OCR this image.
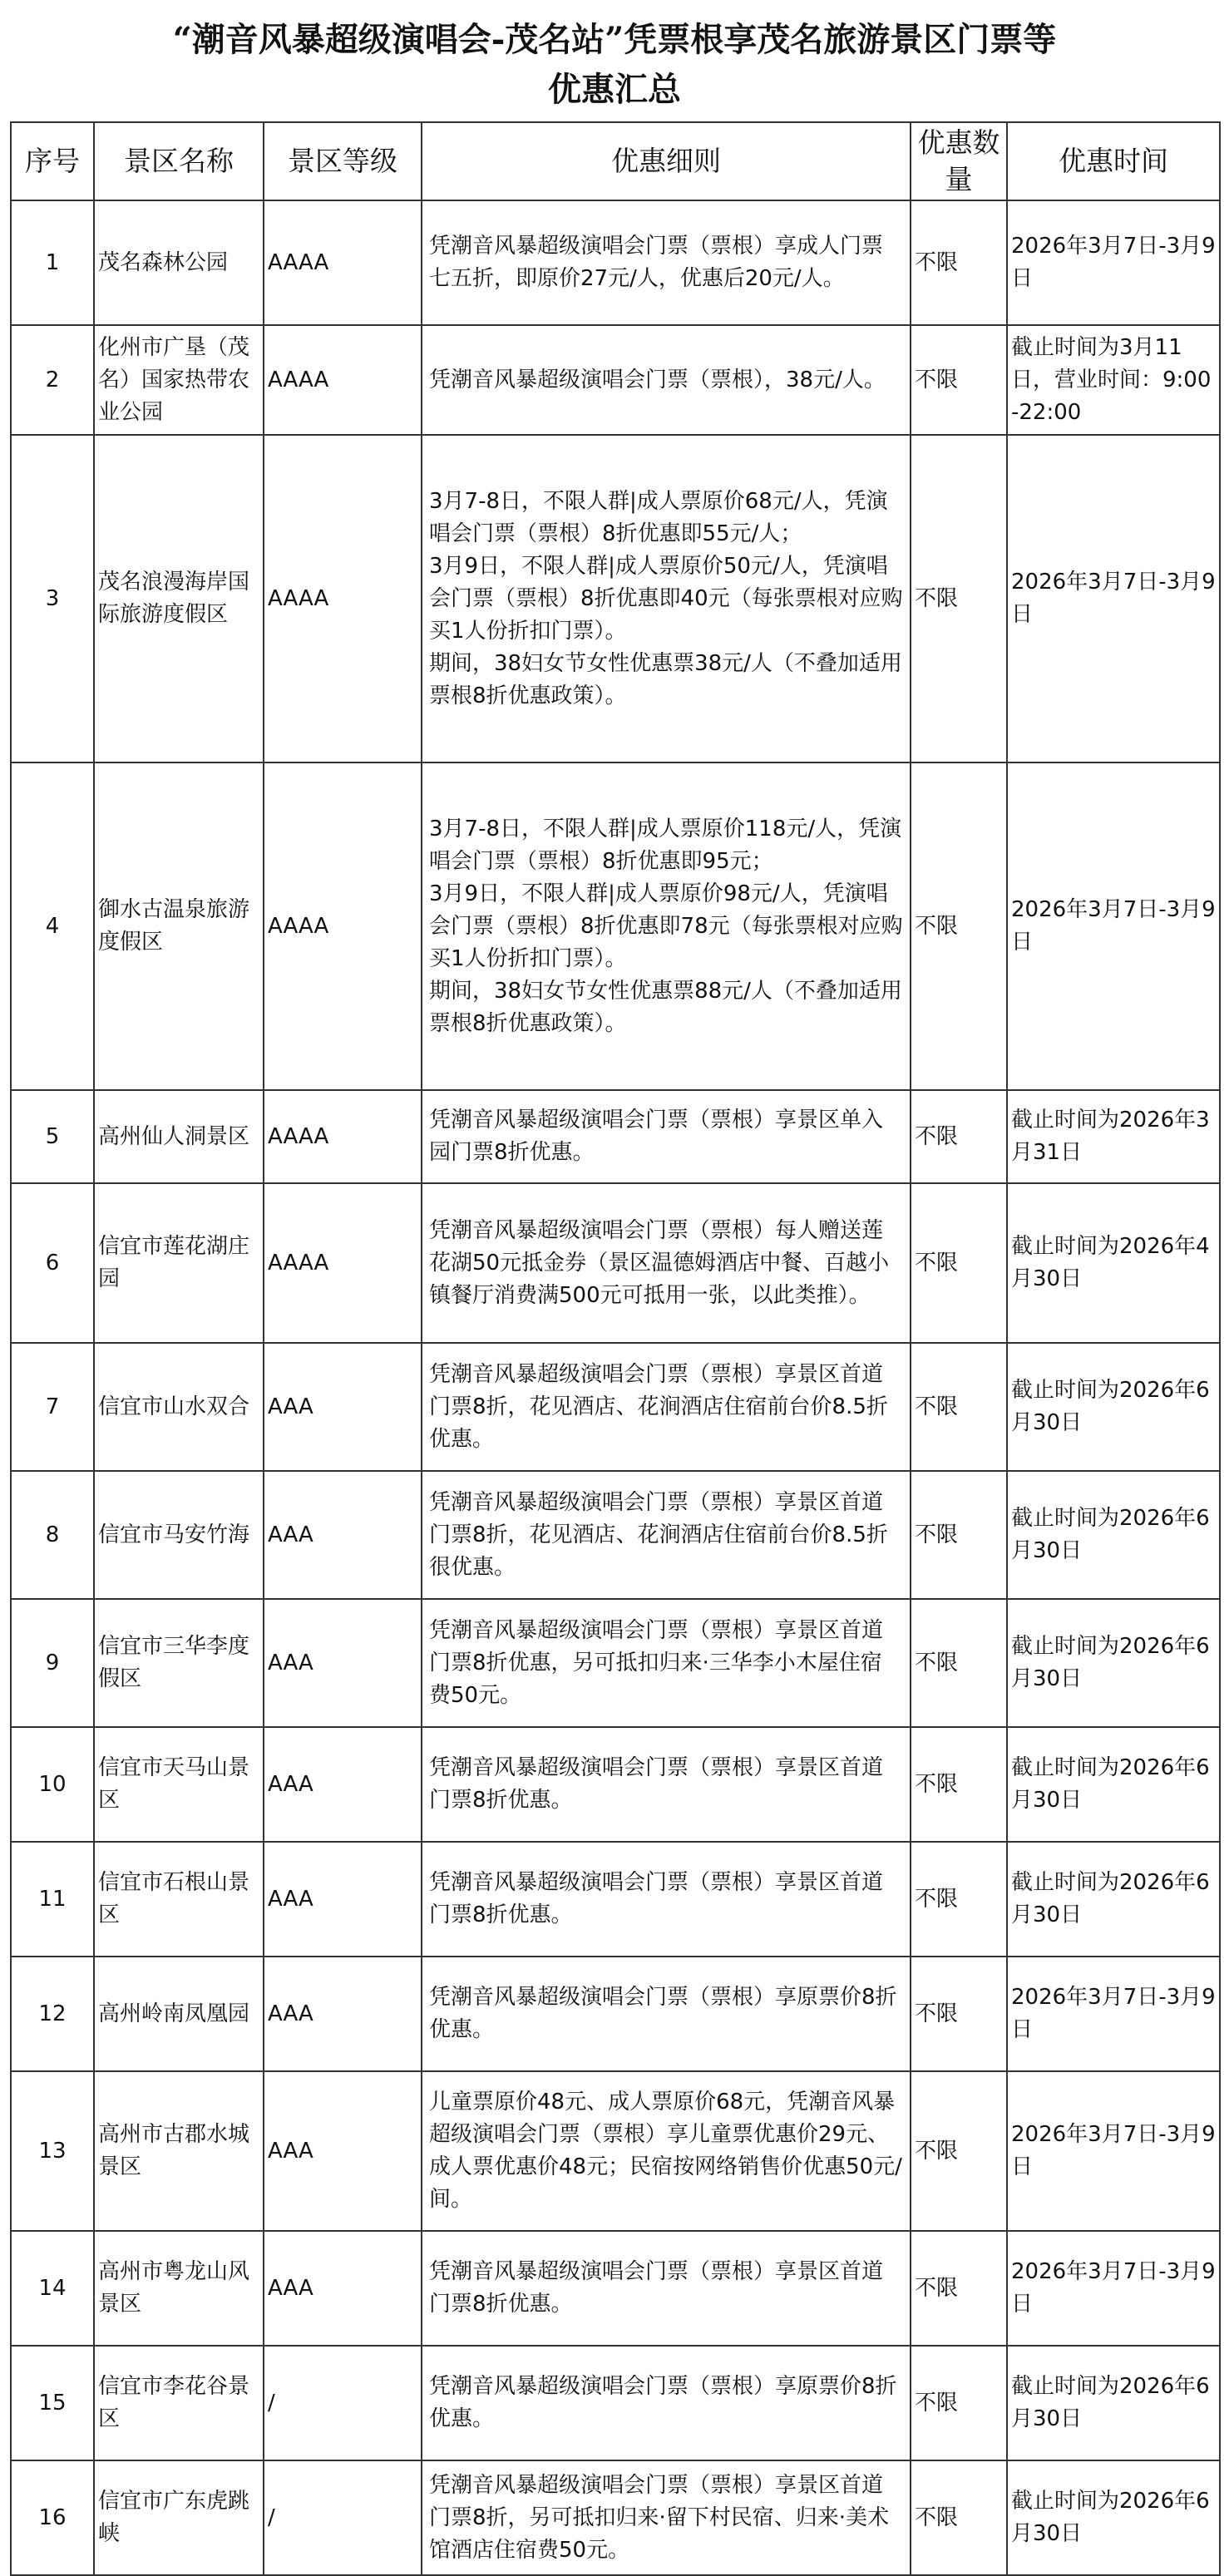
“潮音风暴超级演唱会-茂名站”凭票根享茂名旅游景区门票等
优惠汇总
序号	景区名称	景区等级	优惠细则	优惠数量	优惠时间
1	茂名森林公园	AAAA	凭潮音风暴超级演唱会门票（票根）享成人门票七五折，即原价27元/人，优惠后20元/人。	不限	2026年3月7日-3月9日
2	化州市广垦（茂名）国家热带农业公园	AAAA	凭潮音风暴超级演唱会门票（票根），38元/人。	不限	截止时间为3月11日，营业时间：9:00-22:00
3	茂名浪漫海岸国际旅游度假区	AAAA	3月7-8日，不限人群|成人票原价68元/人，凭演唱会门票（票根）8折优惠即55元/人；
3月9日，不限人群|成人票原价50元/人，凭演唱会门票（票根）8折优惠即40元（每张票根对应购买1人份折扣门票）。
期间，38妇女节女性优惠票38元/人（不叠加适用票根8折优惠政策）。	不限	2026年3月7日-3月9日
4	御水古温泉旅游度假区	AAAA	3月7-8日，不限人群|成人票原价118元/人，凭演唱会门票（票根）8折优惠即95元；
3月9日，不限人群|成人票原价98元/人，凭演唱会门票（票根）8折优惠即78元（每张票根对应购买1人份折扣门票）。
期间，38妇女节女性优惠票88元/人（不叠加适用票根8折优惠政策）。	不限	2026年3月7日-3月9日
5	高州仙人洞景区	AAAA	凭潮音风暴超级演唱会门票（票根）享景区单入园门票8折优惠。	不限	截止时间为2026年3月31日
6	信宜市莲花湖庄园	AAAA	凭潮音风暴超级演唱会门票（票根）每人赠送莲花湖50元抵金券（景区温德姆酒店中餐、百越小镇餐厅消费满500元可抵用一张，以此类推）。	不限	截止时间为2026年4月30日
7	信宜市山水双合	AAA	凭潮音风暴超级演唱会门票（票根）享景区首道门票8折，花见酒店、花涧酒店住宿前台价8.5折优惠。	不限	截止时间为2026年6月30日
8	信宜市马安竹海	AAA	凭潮音风暴超级演唱会门票（票根）享景区首道门票8折，花见酒店、花涧酒店住宿前台价8.5折很优惠。	不限	截止时间为2026年6月30日
9	信宜市三华李度假区	AAA	凭潮音风暴超级演唱会门票（票根）享景区首道门票8折优惠，另可抵扣归来·三华李小木屋住宿费50元。	不限	截止时间为2026年6月30日
10	信宜市天马山景区	AAA	凭潮音风暴超级演唱会门票（票根）享景区首道门票8折优惠。	不限	截止时间为2026年6月30日
11	信宜市石根山景区	AAA	凭潮音风暴超级演唱会门票（票根）享景区首道门票8折优惠。	不限	截止时间为2026年6月30日
12	高州岭南凤凰园	AAA	凭潮音风暴超级演唱会门票（票根）享原票价8折优惠。	不限	2026年3月7日-3月9日
13	高州市古郡水城景区	AAA	儿童票原价48元、成人票原价68元，凭潮音风暴超级演唱会门票（票根）享儿童票优惠价29元、成人票优惠价48元；民宿按网络销售价优惠50元/间。	不限	2026年3月7日-3月9日
14	高州市粤龙山风景区	AAA	凭潮音风暴超级演唱会门票（票根）享景区首道门票8折优惠。	不限	2026年3月7日-3月9日
15	信宜市李花谷景区	/	凭潮音风暴超级演唱会门票（票根）享原票价8折优惠。	不限	截止时间为2026年6月30日
16	信宜市广东虎跳峡	/	凭潮音风暴超级演唱会门票（票根）享景区首道门票8折，另可抵扣归来·留下村民宿、归来·美术馆酒店住宿费50元。	不限	截止时间为2026年6月30日
